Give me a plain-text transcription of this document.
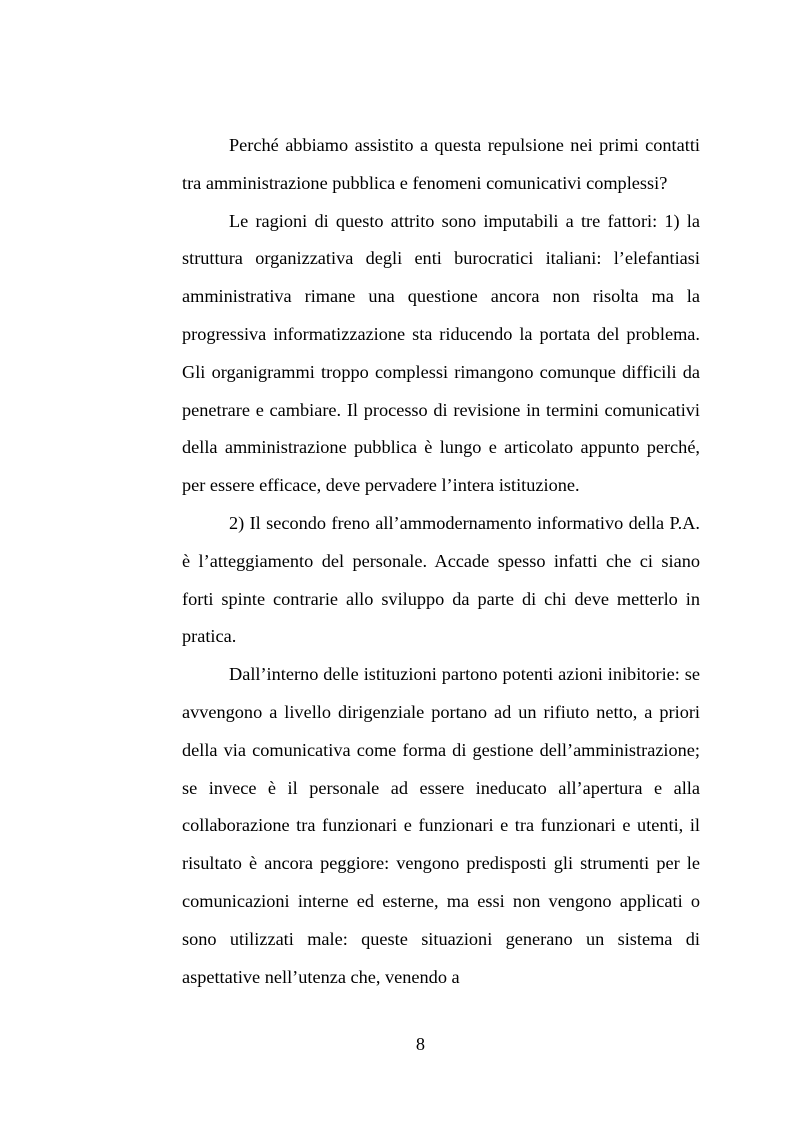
Perché abbiamo assistito a questa repulsione nei primi contatti tra amministrazione pubblica e fenomeni comunicativi complessi?

Le ragioni di questo attrito sono imputabili a tre fattori: 1) la struttura organizzativa degli enti burocratici italiani: l’elefantiasi amministrativa rimane una questione ancora non risolta ma la progressiva informatizzazione sta riducendo la portata del problema. Gli organigrammi troppo complessi rimangono comunque difficili da penetrare e cambiare. Il processo di revisione in termini comunicativi della amministrazione pubblica è lungo e articolato appunto perché, per essere efficace, deve pervadere l’intera istituzione.

2) Il secondo freno all’ammodernamento informativo della P.A. è l’atteggiamento del personale. Accade spesso infatti che ci siano forti spinte contrarie allo sviluppo da parte di chi deve metterlo in pratica.

Dall’interno delle istituzioni partono potenti azioni inibitorie: se avvengono a livello dirigenziale portano ad un rifiuto netto, a priori della via comunicativa come forma di gestione dell’amministrazione; se invece è il personale ad essere ineducato all’apertura e alla collaborazione tra funzionari e funzionari e tra funzionari e utenti, il risultato è ancora peggiore: vengono predisposti gli strumenti per le comunicazioni interne ed esterne, ma essi non vengono applicati o sono utilizzati male: queste situazioni generano un sistema di aspettative nell’utenza che, venendo a

8
